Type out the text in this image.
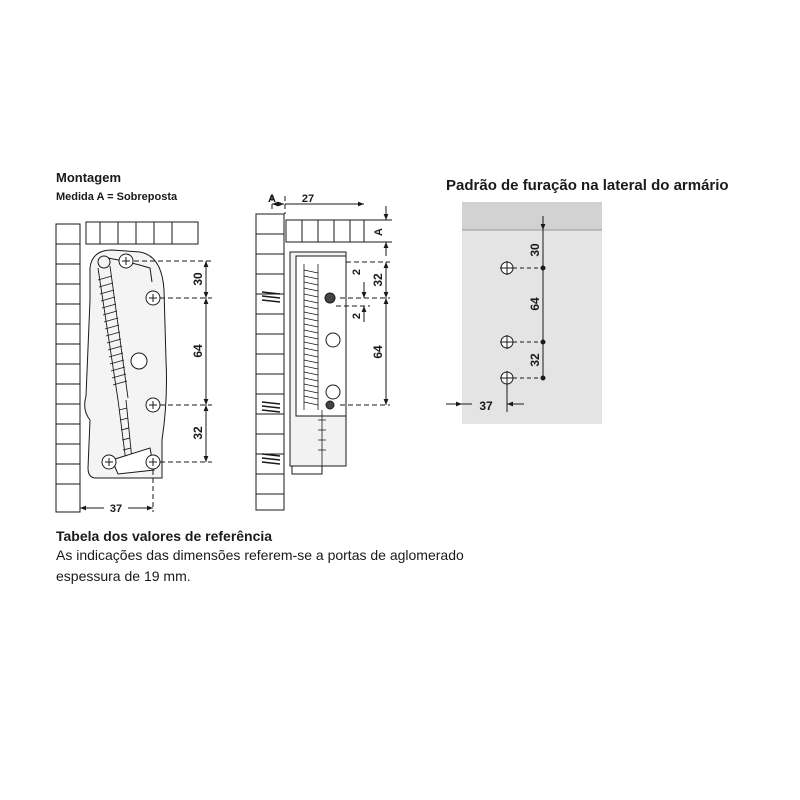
Montagem
Medida A = Sobreposta
Padrão de furação na lateral do armário
30
64
32
37
A 27
A
32
64
2
2
30
64
32
37
Tabela dos valores de referência
As indicações das dimensões referem-se a portas de aglomerado
espessura de 19 mm.
